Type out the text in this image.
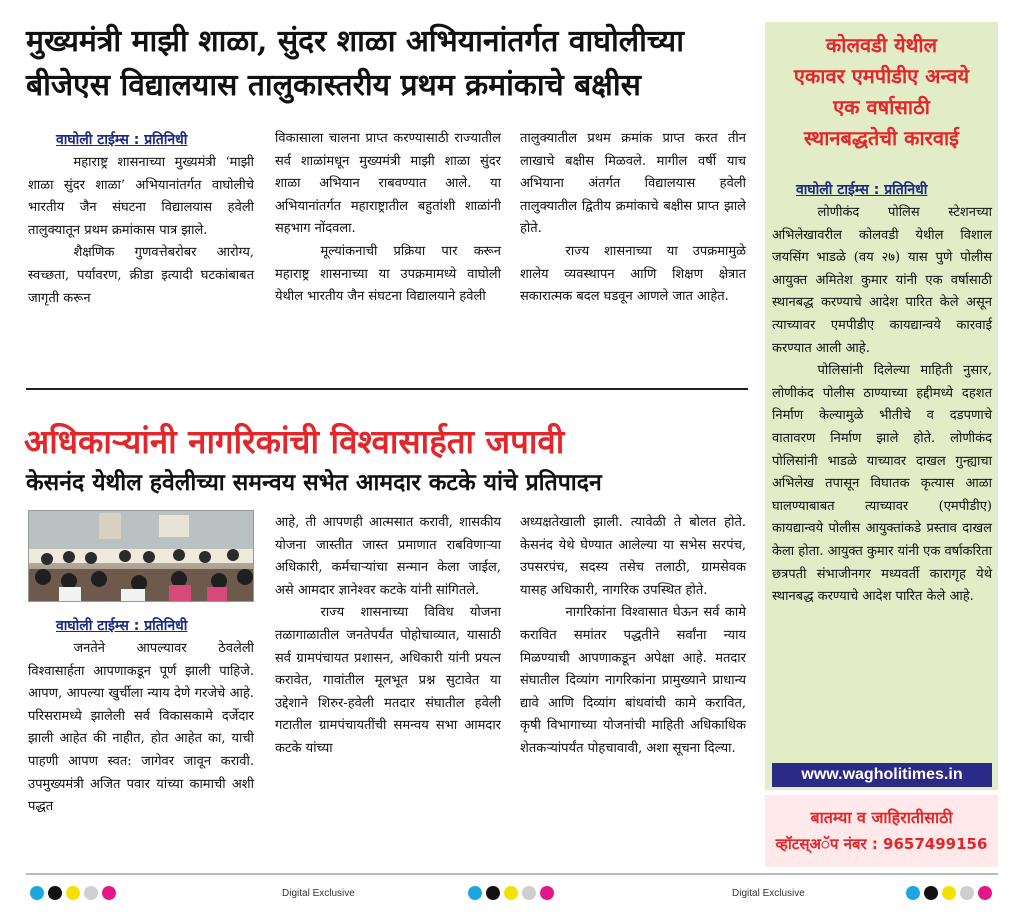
मुख्यमंत्री माझी शाळा, सुंदर शाळा अभियानांतर्गत वाघोलीच्या
बीजेएस विद्यालयास तालुकास्तरीय प्रथम क्रमांकाचे बक्षीस
वाघोली टाईम्स : प्रतिनिधी

महाराष्ट्र शासनाच्या मुख्यमंत्री ‘माझी शाळा सुंदर शाळा’ अभियानांतर्गत वाघोलीचे भारतीय जैन संघटना विद्यालयास हवेली तालुक्यातून प्रथम क्रमांकास पात्र झाले.

शैक्षणिक गुणवत्तेबरोबर आरोग्य, स्वच्छता, पर्यावरण, क्रीडा इत्यादी घटकांबाबत जागृती करून

विकासाला चालना प्राप्त करण्यासाठी राज्यातील सर्व शाळांमधून मुख्यमंत्री माझी शाळा सुंदर शाळा अभियान राबवण्यात आले. या अभियानांतर्गत महाराष्ट्रातील बहुतांशी शाळांनी सहभाग नोंदवला.

मूल्यांकनाची प्रक्रिया पार करून महाराष्ट्र शासनाच्या या उपक्रमामध्ये वाघोली येथील भारतीय जैन संघटना विद्यालयाने हवेली

तालुक्यातील प्रथम क्रमांक प्राप्त करत तीन लाखाचे बक्षीस मिळवले. मागील वर्षी याच अभियाना अंतर्गत विद्यालयास हवेली तालुक्यातील द्वितीय क्रमांकाचे बक्षीस प्राप्त झाले होते.

राज्य शासनाच्या या उपक्रमामुळे शालेय व्यवस्थापन आणि शिक्षण क्षेत्रात सकारात्मक बदल घडवून आणले जात आहेत.

अधिकाऱ्यांनी नागरिकांची विश्वासार्हता जपावी
केसनंद येथील हवेलीच्या समन्वय सभेत आमदार कटके यांचे प्रतिपादन
वाघोली टाईम्स : प्रतिनिधी

जनतेने आपल्यावर ठेवलेली विश्वासार्हता आपणाकडून पूर्ण झाली पाहिजे. आपण, आपल्या खुर्चीला न्याय देणे गरजेचे आहे. परिसरामध्ये झालेली सर्व विकासकामे दर्जेदार झाली आहेत की नाहीत, होत आहेत का, याची पाहणी आपण स्वत: जागेवर जावून करावी. उपमुख्यमंत्री अजित पवार यांच्या कामाची अशी पद्धत

आहे, ती आपणही आत्मसात करावी, शासकीय योजना जास्तीत जास्त प्रमाणात राबविणाऱ्या अधिकारी, कर्मचाऱ्यांचा सन्मान केला जाईल, असे आमदार ज्ञानेश्वर कटके यांनी सांगितले.

राज्य शासनाच्या विविध योजना तळागाळातील जनतेपर्यंत पोहोचाव्यात, यासाठी सर्व ग्रामपंचायत प्रशासन, अधिकारी यांनी प्रयत्न करावेत, गावांतील मूलभूत प्रश्न सुटावेत या उद्देशाने शिरुर-हवेली मतदार संघातील हवेली गटातील ग्रामपंचायतींची समन्वय सभा आमदार कटके यांच्या

अध्यक्षतेखाली झाली. त्यावेळी ते बोलत होते. केसनंद येथे घेण्यात आलेल्या या सभेस सरपंच, उपसरपंच, सदस्य तसेच तलाठी, ग्रामसेवक यासह अधिकारी, नागरिक उपस्थित होते.

नागरिकांना विश्वासात घेऊन सर्व कामे करावित समांतर पद्धतीने सर्वांना न्याय मिळण्याची आपणाकडून अपेक्षा आहे. मतदार संघातील दिव्यांग नागरिकांना प्रामुख्याने प्राधान्य द्यावे आणि दिव्यांग बांधवांची कामे करावित, कृषी विभागाच्या योजनांची माहिती अधिकाधिक शेतकऱ्यांपर्यंत पोहचावावी, अशा सूचना दिल्या.

कोलवडी येथील
एकावर एमपीडीए अन्वये
एक वर्षासाठी
स्थानबद्धतेची कारवाई
वाघोली टाईम्स : प्रतिनिधी

लोणीकंद पोलिस स्टेशनच्या अभिलेखावरील कोलवडी येथील विशाल जयसिंग भाडळे (वय २७) यास पुणे पोलीस आयुक्त अमितेश कुमार यांनी एक वर्षासाठी स्थानबद्ध करण्याचे आदेश पारित केले असून त्याच्यावर एमपीडीए कायद्यान्वये कारवाई करण्यात आली आहे.

पोलिसांनी दिलेल्या माहिती नुसार, लोणीकंद पोलीस ठाण्याच्या हद्दीमध्ये दहशत निर्माण केल्यामुळे भीतीचे व दडपणाचे वातावरण निर्माण झाले होते. लोणीकंद पोलिसांनी भाडळे याच्यावर दाखल गुन्ह्याचा अभिलेख तपासून विघातक कृत्यास आळा घालण्याबाबत त्याच्यावर (एमपीडीए) कायद्यान्वये पोलीस आयुक्तांकडे प्रस्ताव दाखल केला होता. आयुक्त कुमार यांनी एक वर्षाकरिता छत्रपती संभाजीनगर मध्यवर्ती कारागृह येथे स्थानबद्ध करण्याचे आदेश पारित केले आहे.

www.wagholitimes.in
बातम्या व जाहिरातीसाठी
व्हॉटस्‌अॅप नंबर : 9657499156
Digital Exclusive	Digital Exclusive
